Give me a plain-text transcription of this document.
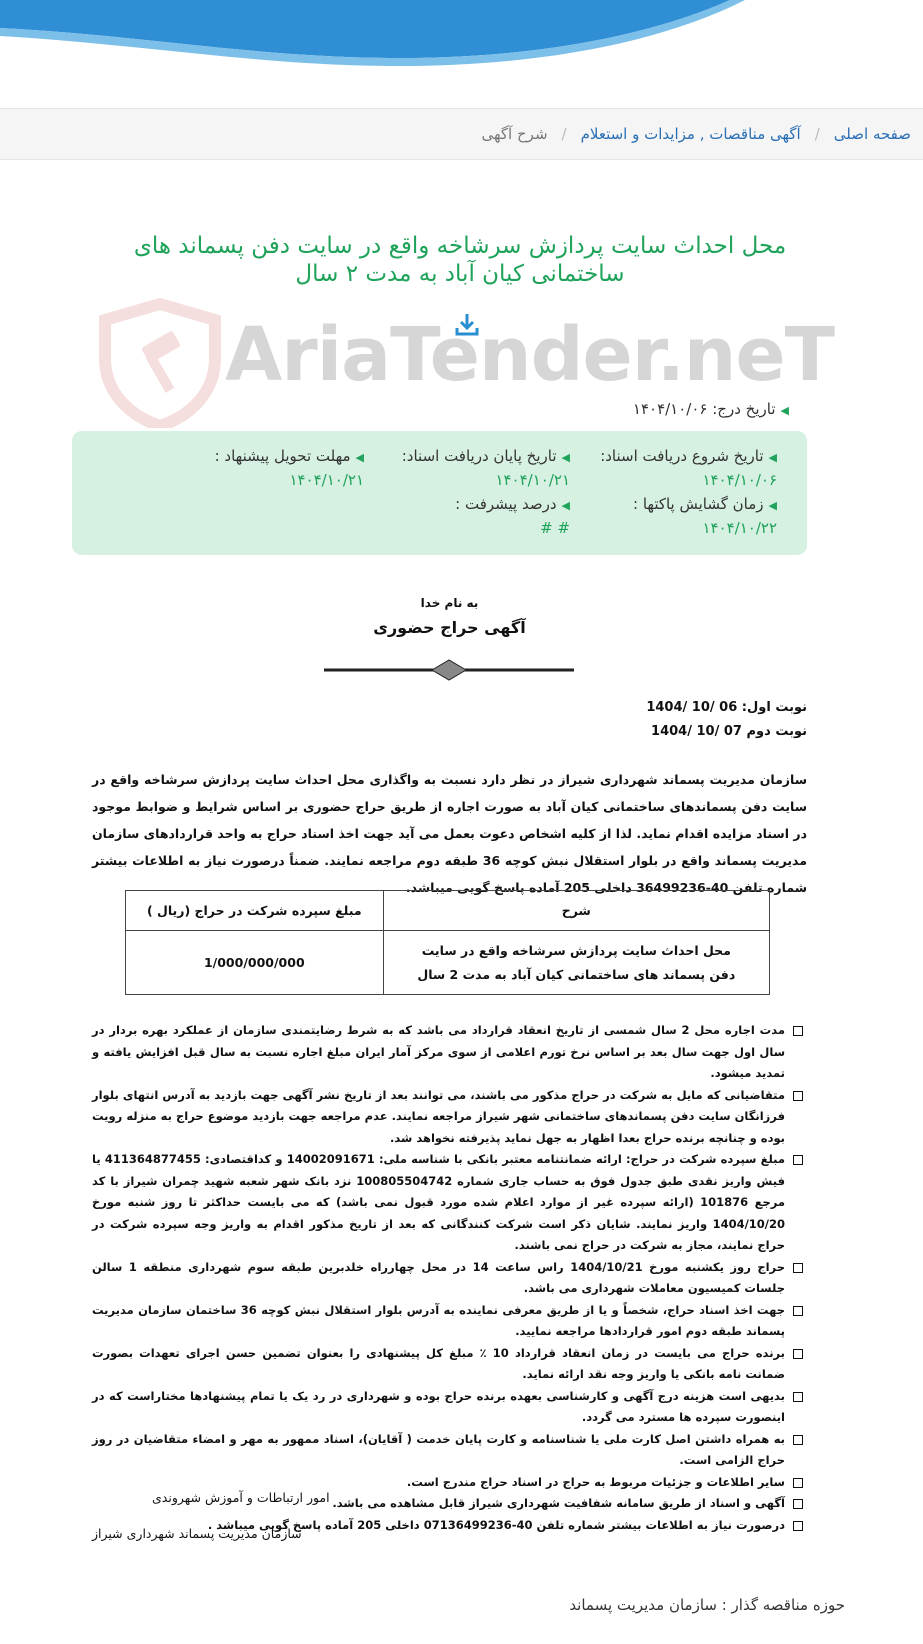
صفحه اصلی
/
آگهی مناقصات , مزایدات و استعلام
/
شرح آگهی
محل احداث سایت پردازش سرشاخه واقع در سایت دفن پسماند های ساختمانی کیان آباد به مدت ۲ سال
AriaTender.neT
◀تاریخ درج: ۱۴۰۴/۱۰/۰۶
◀تاریخ شروع دریافت اسناد:
۱۴۰۴/۱۰/۰۶
◀تاریخ پایان دریافت اسناد:
۱۴۰۴/۱۰/۲۱
◀مهلت تحویل پیشنهاد :
۱۴۰۴/۱۰/۲۱
◀زمان گشایش پاکتها :
۱۴۰۴/۱۰/۲۲
◀درصد پیشرفت :
# #
به نام خدا
آگهی حراج حضوری
نوبت اول: 06 /10 /1404
نوبت دوم 07 /10 /1404
سازمان مدیریت پسماند شهرداری شیراز در نظر دارد نسبت به واگذاری محل احداث سایت پردازش سرشاخه واقع در سایت دفن پسماندهای ساختمانی کیان آباد به صورت اجاره از طریق حراج حضوری بر اساس شرایط و ضوابط موجود در اسناد مزایده اقدام نماید. لذا از کلیه اشخاص دعوت بعمل می آید جهت اخذ اسناد حراج به واحد قراردادهای سازمان مدیریت پسماند واقع در بلوار استقلال نبش کوچه 36 طبقه دوم مراجعه نمایند. ضمناً درصورت نیاز به اطلاعات بیشتر شماره تلفن 40-36499236 داخلی 205 آماده پاسخ گویی میباشد.
شرح	مبلغ سپرده شرکت در حراج (ریال )
محل احداث سایت پردازش سرشاخه واقع در سایت دفن پسماند های ساختمانی کیان آباد به مدت 2 سال	1/000/000/000
مدت اجاره محل 2 سال شمسی از تاریخ انعقاد قرارداد می باشد که به شرط رضایتمندی سازمان از عملکرد بهره بردار در سال اول جهت سال بعد بر اساس نرخ تورم اعلامی از سوی مرکز آمار ایران مبلغ اجاره نسبت به سال قبل افزایش یافته و تمدید میشود.
متقاضیانی که مایل به شرکت در حراج مذکور می باشند، می توانند بعد از تاریخ نشر آگهی جهت بازدید به آدرس انتهای بلوار فرزانگان سایت دفن پسماندهای ساختمانی شهر شیراز مراجعه نمایند. عدم مراجعه جهت بازدید موضوع حراج به منزله رویت بوده و چنانچه برنده حراج بعدا اظهار به جهل نماید پذیرفته نخواهد شد.
مبلغ سپرده شرکت در حراج: ارائه ضمانتنامه معتبر بانکی با شناسه ملی: 14002091671 و کداقتصادی: 411364877455 یا فیش واریز نقدی طبق جدول فوق به حساب جاری شماره 100805504742 نزد بانک شهر شعبه شهید چمران شیراز با کد مرجع 101876 (ارائه سپرده غیر از موارد اعلام شده مورد قبول نمی باشد) که می بایست حداکثر تا روز شنبه مورخ 1404/10/20 واریز نمایند. شایان ذکر است شرکت کنندگانی که بعد از تاریخ مذکور اقدام به واریز وجه سپرده شرکت در حراج نمایند، مجاز به شرکت در حراج نمی باشند.
حراج روز یکشنبه مورخ 1404/10/21 راس ساعت 14 در محل چهارراه خلدبرین طبقه سوم شهرداری منطقه 1 سالن جلسات کمیسیون معاملات شهرداری می باشد.
جهت اخذ اسناد حراج، شخصاً و یا از طریق معرفی نماینده به آدرس بلوار استقلال نبش کوچه 36 ساختمان سازمان مدیریت پسماند طبقه دوم امور قراردادها مراجعه نمایید.
برنده حراج می بایست در زمان انعقاد قرارداد 10 ٪ مبلغ کل پیشنهادی را بعنوان تضمین حسن اجرای تعهدات بصورت ضمانت نامه بانکی یا واریز وجه نقد ارائه نماید.
بدیهی است هزینه درج آگهی و کارشناسی بعهده برنده حراج بوده و شهرداری در رد یک یا تمام پیشنهادها مختاراست که در اینصورت سپرده ها مسترد می گردد.
به همراه داشتن اصل کارت ملی یا شناسنامه و کارت پایان خدمت ( آقایان)، اسناد ممهور به مهر و امضاء متقاضیان در روز حراج الزامی است.
سایر اطلاعات و جزئیات مربوط به حراج در اسناد حراج مندرج است.
آگهی و اسناد از طریق سامانه شفافیت شهرداری شیراز قابل مشاهده می باشد.
درصورت نیاز به اطلاعات بیشتر شماره تلفن 40-07136499236 داخلی 205 آماده پاسخ گویی میباشد .
امور ارتباطات و آموزش شهروندی
سازمان مدیریت پسماند شهرداری شیراز
حوزه مناقصه گذار : سازمان مدیریت پسماند
